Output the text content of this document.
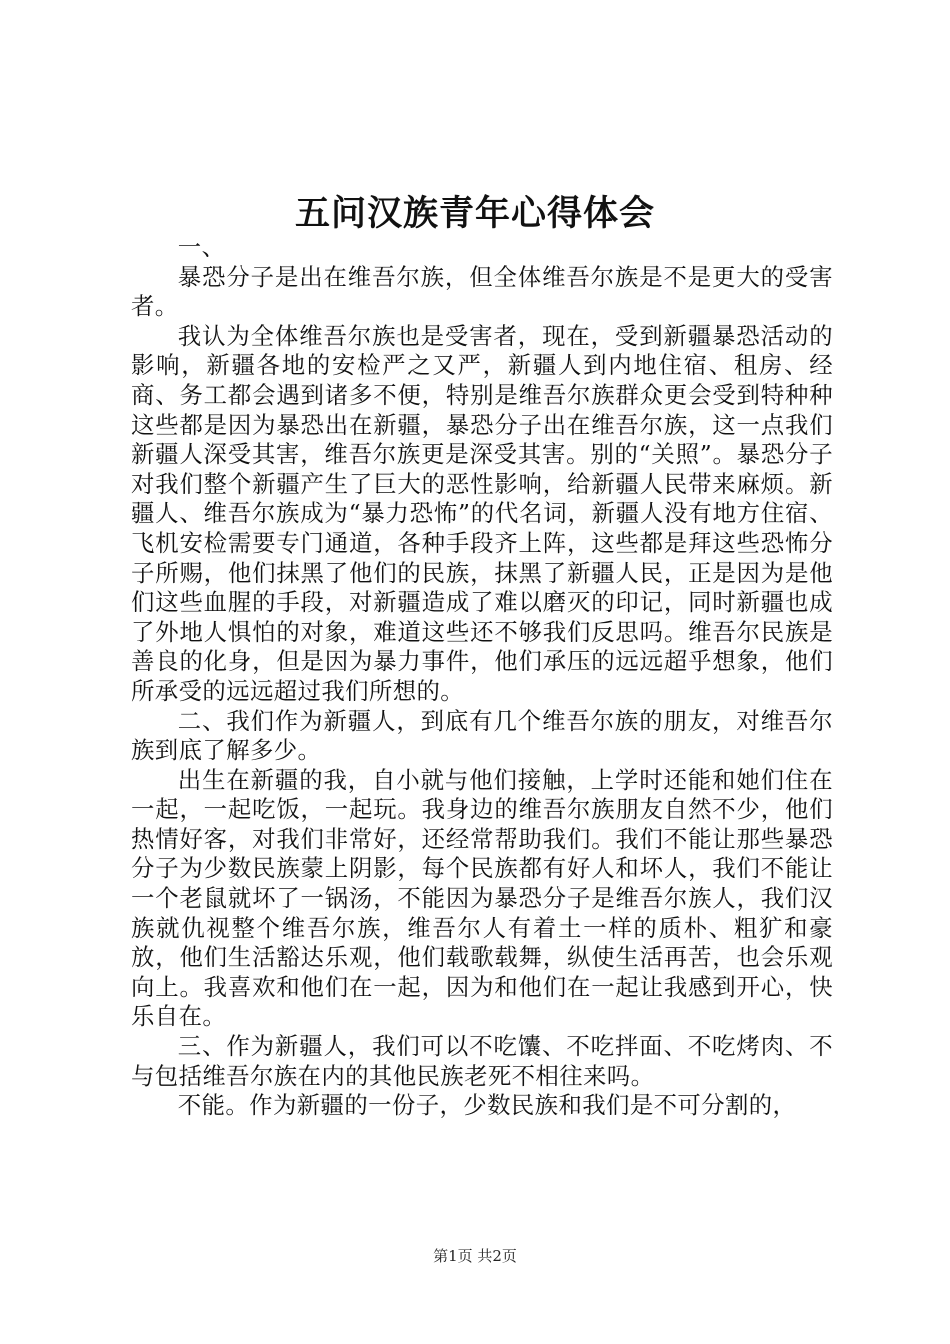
五问汉族青年心得体会

一、

暴恐分子是出在维吾尔族，但全体维吾尔族是不是更大的受害者。

我认为全体维吾尔族也是受害者，现在，受到新疆暴恐活动的影响，新疆各地的安检严之又严，新疆人到内地住宿、租房、经商、务工都会遇到诸多不便，特别是维吾尔族群众更会受到特种种这些都是因为暴恐出在新疆，暴恐分子出在维吾尔族，这一点我们新疆人深受其害，维吾尔族更是深受其害。别的“关照”。暴恐分子对我们整个新疆产生了巨大的恶性影响，给新疆人民带来麻烦。新疆人、维吾尔族成为“暴力恐怖”的代名词，新疆人没有地方住宿、飞机安检需要专门通道，各种手段齐上阵，这些都是拜这些恐怖分子所赐，他们抹黑了他们的民族，抹黑了新疆人民，正是因为是他们这些血腥的手段，对新疆造成了难以磨灭的印记，同时新疆也成了外地人惧怕的对象，难道这些还不够我们反思吗。维吾尔民族是善良的化身，但是因为暴力事件，他们承压的远远超乎想象，他们所承受的远远超过我们所想的。

二、我们作为新疆人，到底有几个维吾尔族的朋友，对维吾尔族到底了解多少。

出生在新疆的我，自小就与他们接触，上学时还能和她们住在一起，一起吃饭，一起玩。我身边的维吾尔族朋友自然不少，他们热情好客，对我们非常好，还经常帮助我们。我们不能让那些暴恐分子为少数民族蒙上阴影，每个民族都有好人和坏人，我们不能让一个老鼠就坏了一锅汤，不能因为暴恐分子是维吾尔族人，我们汉族就仇视整个维吾尔族，维吾尔人有着土一样的质朴、粗犷和豪放，他们生活豁达乐观，他们载歌载舞，纵使生活再苦，也会乐观向上。我喜欢和他们在一起，因为和他们在一起让我感到开心，快乐自在。

三、作为新疆人，我们可以不吃馕、不吃拌面、不吃烤肉、不与包括维吾尔族在内的其他民族老死不相往来吗。

不能。作为新疆的一份子，少数民族和我们是不可分割的，

第1页 共2页
